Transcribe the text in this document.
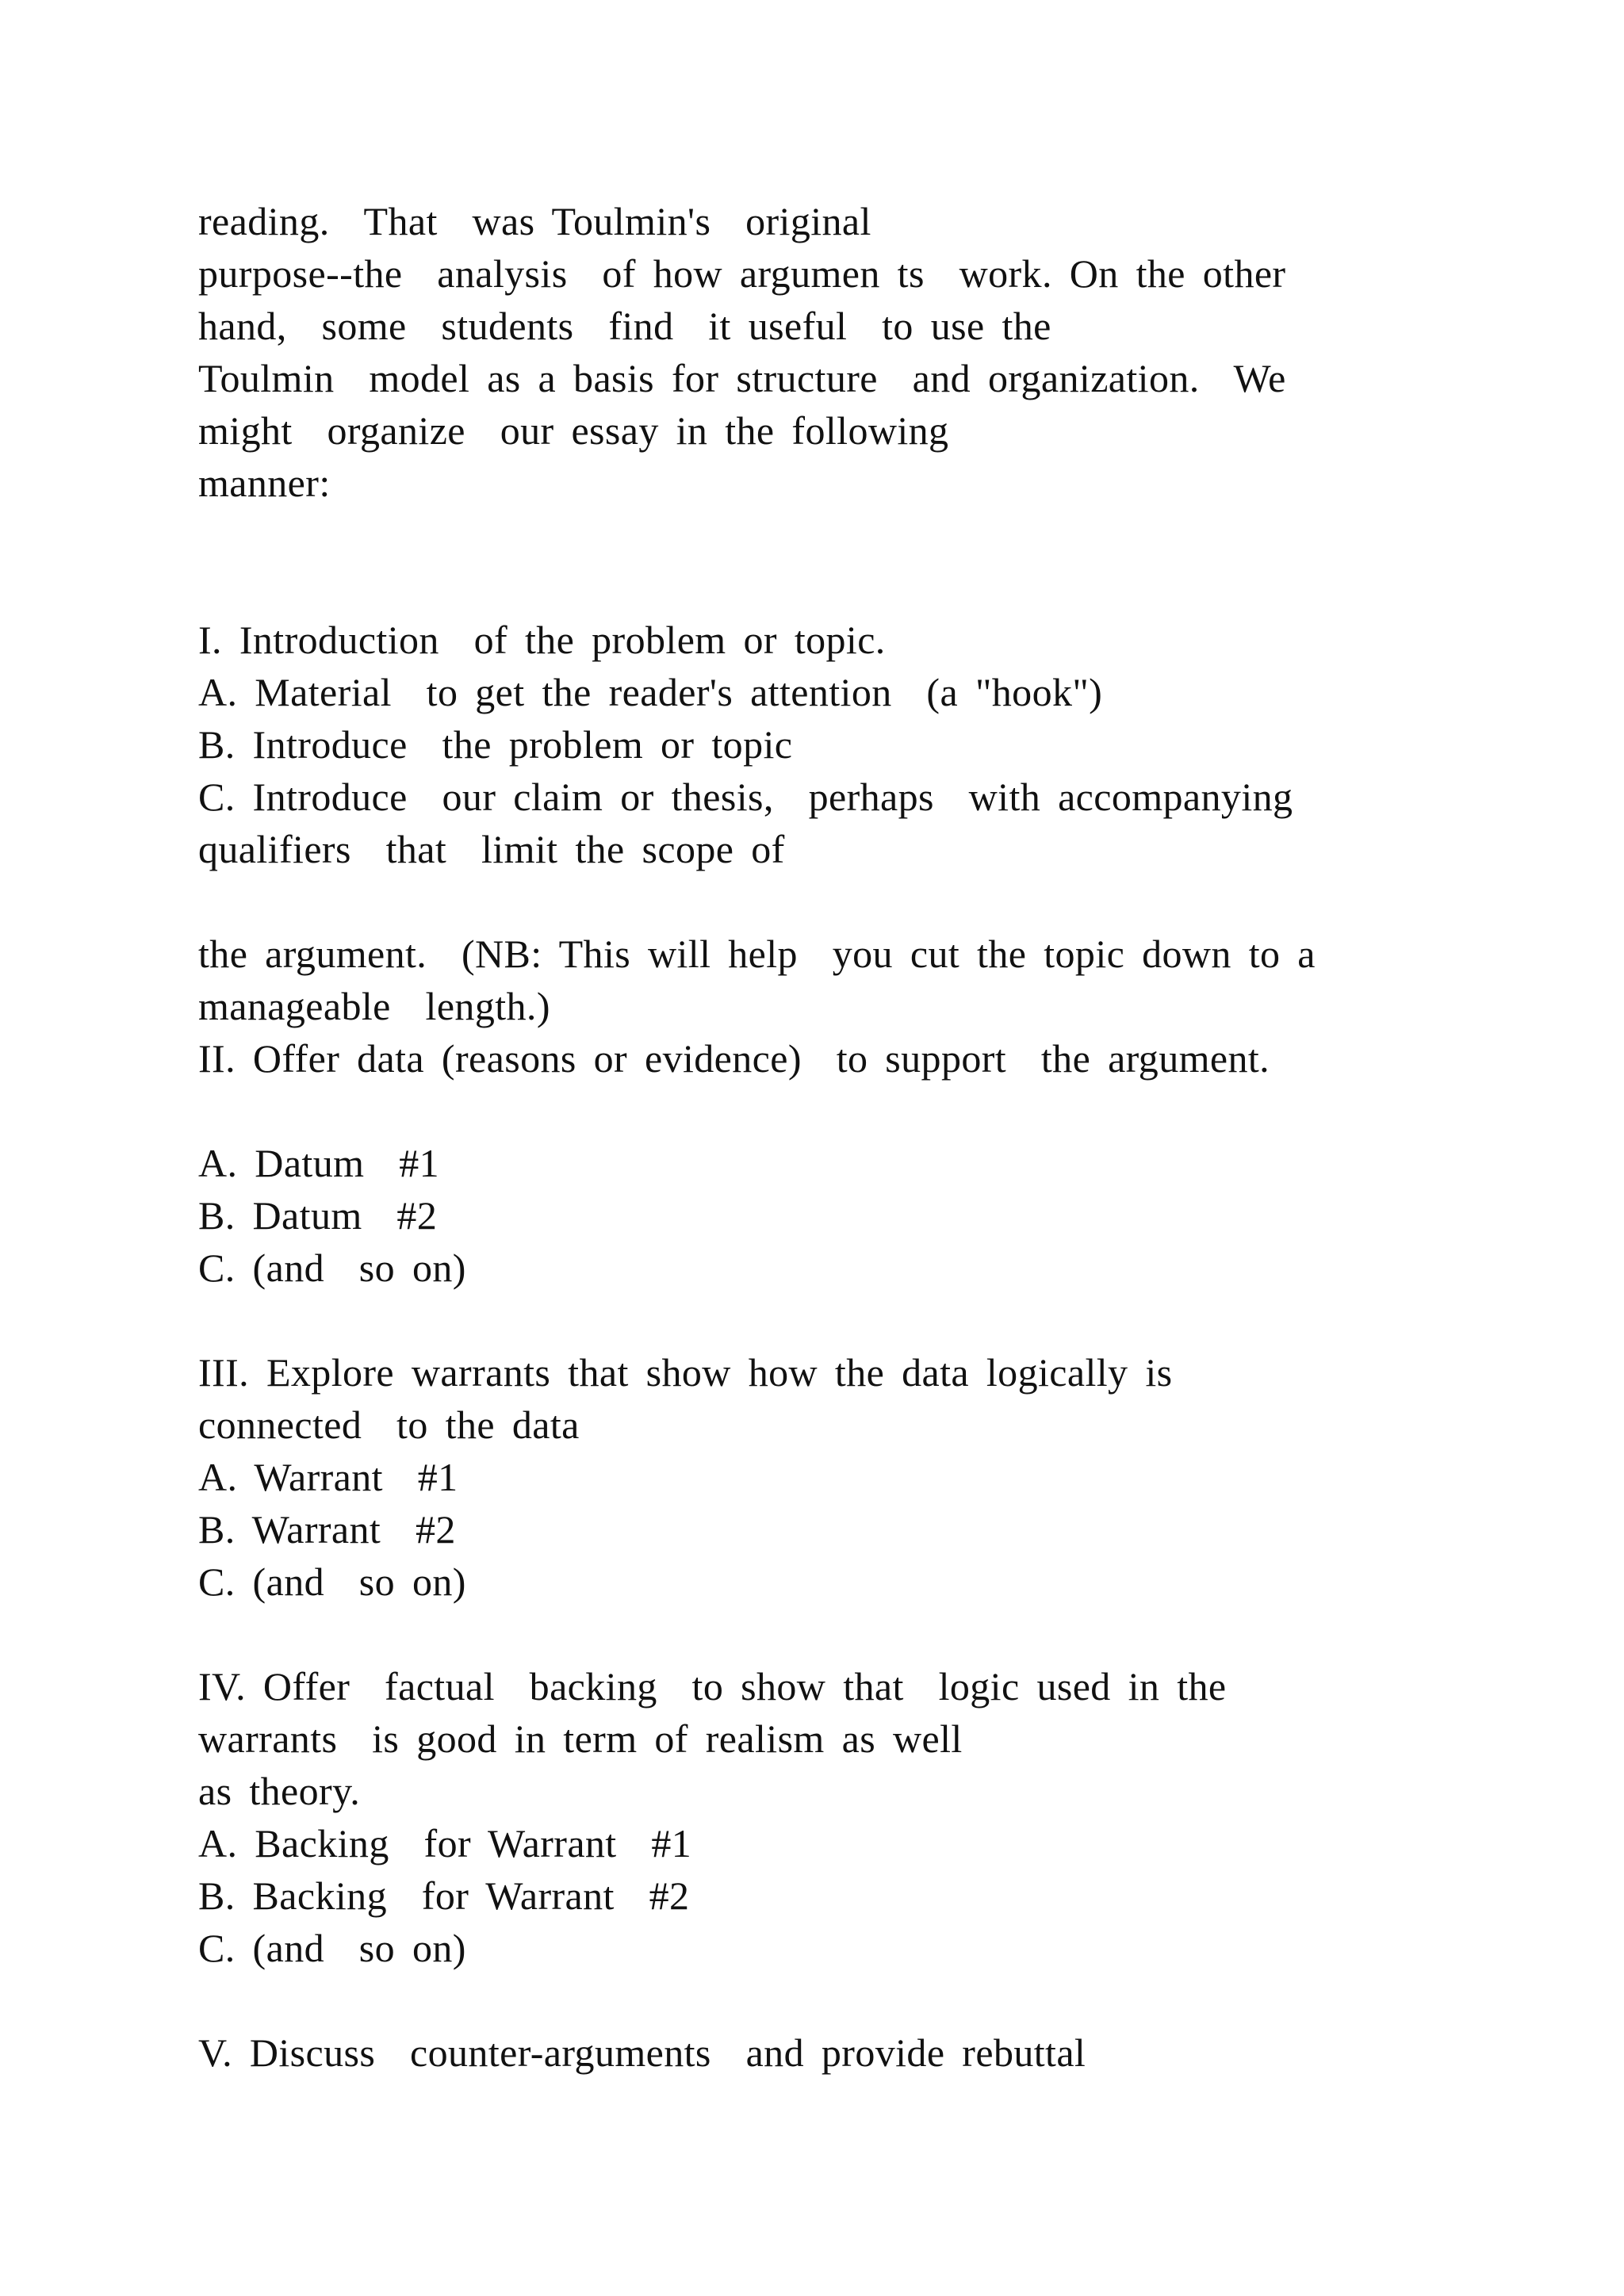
reading.  That  was Toulmin's  original
purpose--the  analysis  of how argumen ts  work. On the other
hand,  some  students  find  it useful  to use the
Toulmin  model as a basis for structure  and organization.  We
might  organize  our essay in the following
manner:
I. Introduction  of the problem or topic.
A. Material  to get the reader's attention  (a "hook")
B. Introduce  the problem or topic
C. Introduce  our claim or thesis,  perhaps  with accompanying
qualifiers  that  limit the scope of
the argument.  (NB: This will help  you cut the topic down to a
manageable  length.)
II. Offer data (reasons or evidence)  to support  the argument.
A. Datum  #1
B. Datum  #2
C. (and  so on)
III. Explore warrants that show how the data logically is
connected  to the data
A. Warrant  #1
B. Warrant  #2
C. (and  so on)
IV. Offer  factual  backing  to show that  logic used in the
warrants  is good in term of realism as well
as theory.
A. Backing  for Warrant  #1
B. Backing  for Warrant  #2
C. (and  so on)
V. Discuss  counter-arguments  and provide rebuttal
